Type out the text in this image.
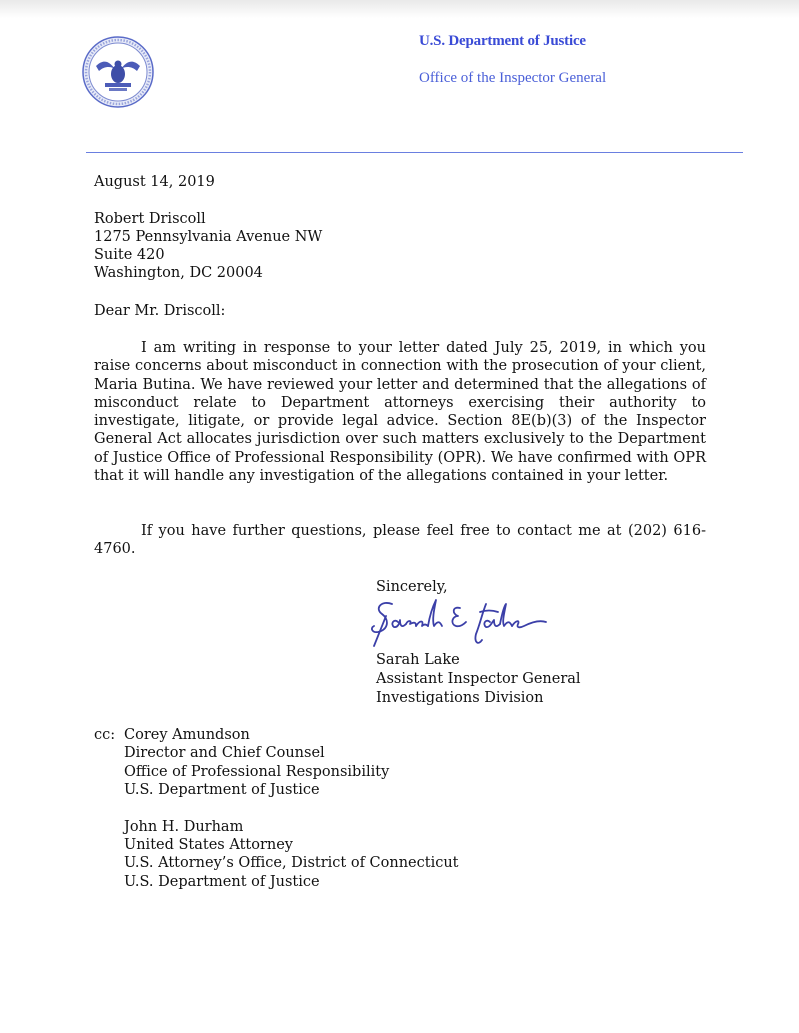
U.S. Department of Justice
Office of the Inspector General
August 14, 2019
Robert Driscoll
1275 Pennsylvania Avenue NW
Suite 420
Washington, DC 20004
Dear Mr. Driscoll:
I am writing in response to your letter dated July 25, 2019, in which you raise concerns about misconduct in connection with the prosecution of your client, Maria Butina. We have reviewed your letter and determined that the allegations of misconduct relate to Department attorneys exercising their authority to investigate, litigate, or provide legal advice. Section 8E(b)(3) of the Inspector General Act allocates jurisdiction over such matters exclusively to the Department of Justice Office of Professional Responsibility (OPR). We have confirmed with OPR that it will handle any investigation of the allegations contained in your letter.
If you have further questions, please feel free to contact me at (202) 616-4760.
Sincerely,
Sarah Lake
Assistant Inspector General
Investigations Division
cc: Corey Amundson
Director and Chief Counsel
Office of Professional Responsibility
U.S. Department of Justice
John H. Durham
United States Attorney
U.S. Attorney’s Office, District of Connecticut
U.S. Department of Justice
